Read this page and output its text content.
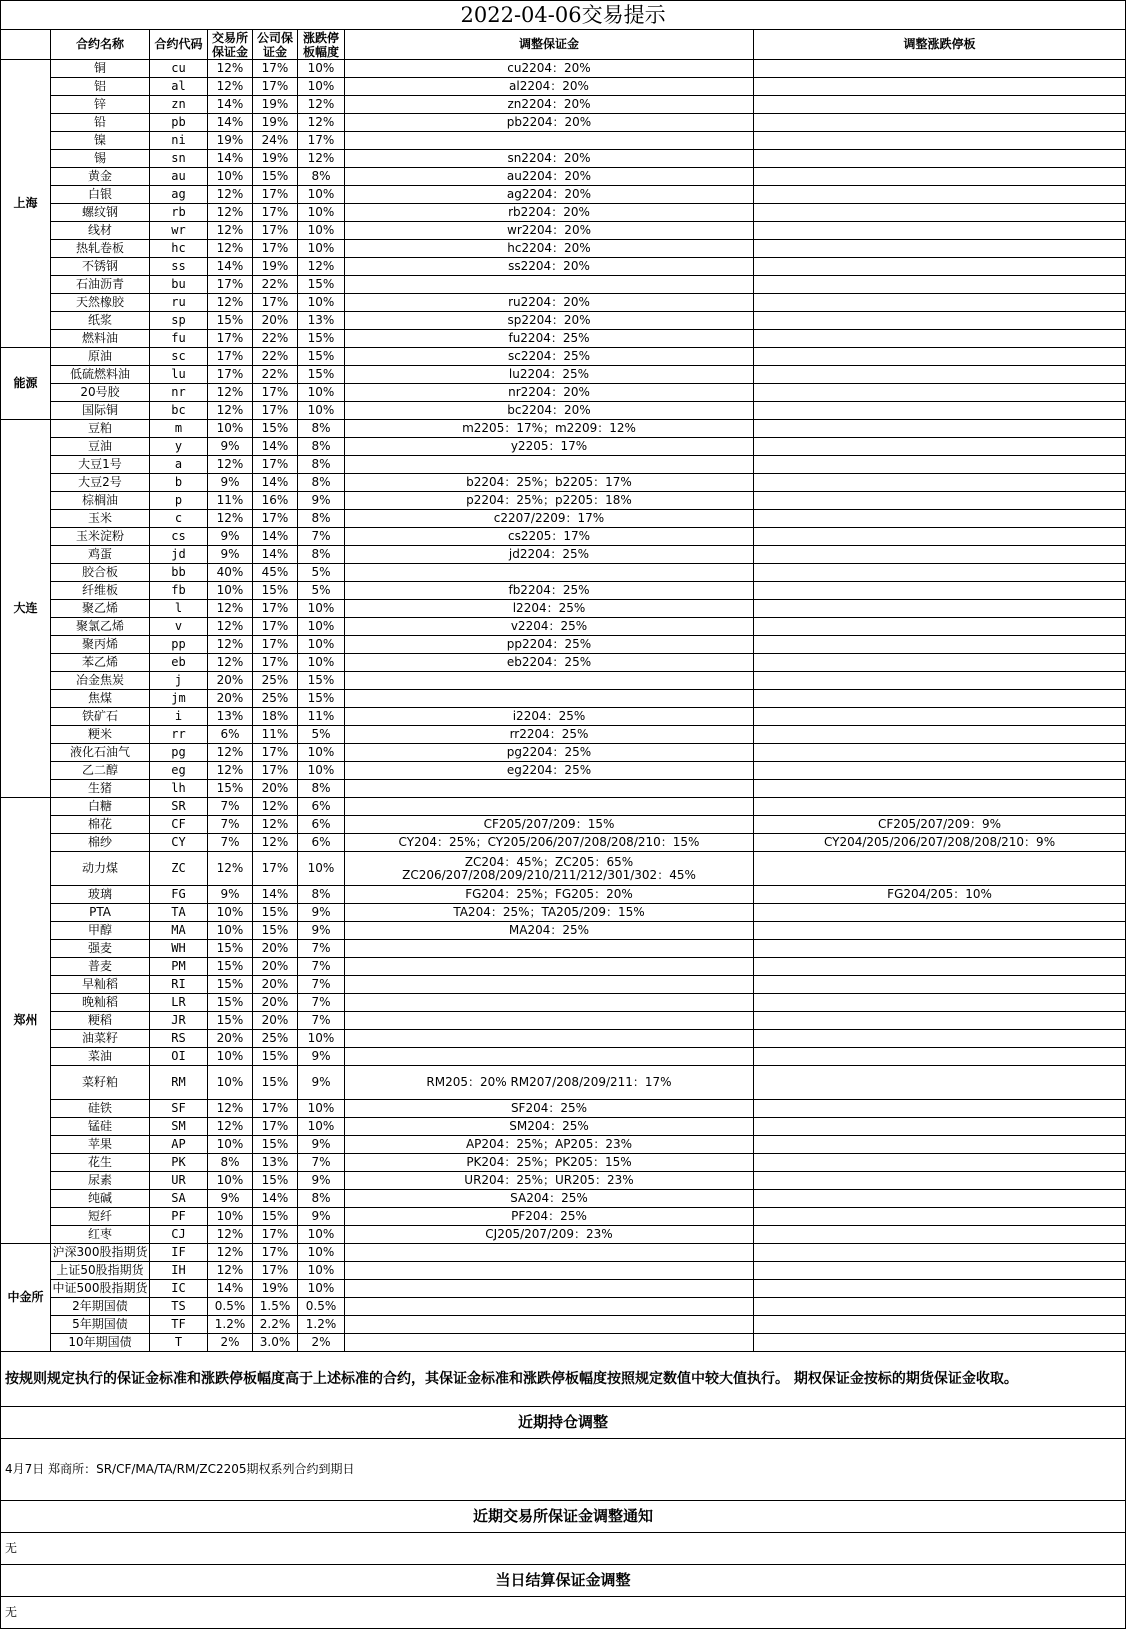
2022-04-06交易提示							
	合约名称	合约代码	交易所保证金	公司保证金	涨跌停板幅度	调整保证金	调整涨跌停板
上海	铜	cu	12%	17%	10%	cu2204：20%	
	铝	al	12%	17%	10%	al2204：20%	
	锌	zn	14%	19%	12%	zn2204：20%	
	铅	pb	14%	19%	12%	pb2204：20%	
	镍	ni	19%	24%	17%		
	锡	sn	14%	19%	12%	sn2204：20%	
	黄金	au	10%	15%	8%	au2204：20%	
	白银	ag	12%	17%	10%	ag2204：20%	
	螺纹钢	rb	12%	17%	10%	rb2204：20%	
	线材	wr	12%	17%	10%	wr2204：20%	
	热轧卷板	hc	12%	17%	10%	hc2204：20%	
	不锈钢	ss	14%	19%	12%	ss2204：20%	
	石油沥青	bu	17%	22%	15%		
	天然橡胶	ru	12%	17%	10%	ru2204：20%	
	纸浆	sp	15%	20%	13%	sp2204：20%	
	燃料油	fu	17%	22%	15%	fu2204：25%	
能源	原油	sc	17%	22%	15%	sc2204：25%	
	低硫燃料油	lu	17%	22%	15%	lu2204：25%	
	20号胶	nr	12%	17%	10%	nr2204：20%	
	国际铜	bc	12%	17%	10%	bc2204：20%	
大连	豆粕	m	10%	15%	8%	m2205：17%；m2209：12%	
	豆油	y	9%	14%	8%	y2205：17%	
	大豆1号	a	12%	17%	8%		
	大豆2号	b	9%	14%	8%	b2204：25%；b2205：17%	
	棕榈油	p	11%	16%	9%	p2204：25%；p2205：18%	
	玉米	c	12%	17%	8%	c2207/2209：17%	
	玉米淀粉	cs	9%	14%	7%	cs2205：17%	
	鸡蛋	jd	9%	14%	8%	jd2204：25%	
	胶合板	bb	40%	45%	5%		
	纤维板	fb	10%	15%	5%	fb2204：25%	
	聚乙烯	l	12%	17%	10%	l2204：25%	
	聚氯乙烯	v	12%	17%	10%	v2204：25%	
	聚丙烯	pp	12%	17%	10%	pp2204：25%	
	苯乙烯	eb	12%	17%	10%	eb2204：25%	
	冶金焦炭	j	20%	25%	15%		
	焦煤	jm	20%	25%	15%		
	铁矿石	i	13%	18%	11%	i2204：25%	
	粳米	rr	6%	11%	5%	rr2204：25%	
	液化石油气	pg	12%	17%	10%	pg2204：25%	
	乙二醇	eg	12%	17%	10%	eg2204：25%	
	生猪	lh	15%	20%	8%		
郑州	白糖	SR	7%	12%	6%		
	棉花	CF	7%	12%	6%	CF205/207/209：15%	CF205/207/209：9%
	棉纱	CY	7%	12%	6%	CY204：25%；CY205/206/207/208/208/210：15%	CY204/205/206/207/208/208/210：9%
	动力煤	ZC	12%	17%	10%	ZC204：45%；ZC205：65% ZC206/207/208/209/210/211/212/301/302：45%	
	玻璃	FG	9%	14%	8%	FG204：25%；FG205：20%	FG204/205：10%
	PTA	TA	10%	15%	9%	TA204：25%；TA205/209：15%	
	甲醇	MA	10%	15%	9%	MA204：25%	
	强麦	WH	15%	20%	7%		
	普麦	PM	15%	20%	7%		
	早籼稻	RI	15%	20%	7%		
	晚籼稻	LR	15%	20%	7%		
	粳稻	JR	15%	20%	7%		
	油菜籽	RS	20%	25%	10%		
	菜油	OI	10%	15%	9%		
	菜籽粕	RM	10%	15%	9%	RM205：20% RM207/208/209/211：17%	
	硅铁	SF	12%	17%	10%	SF204：25%	
	锰硅	SM	12%	17%	10%	SM204：25%	
	苹果	AP	10%	15%	9%	AP204：25%；AP205：23%	
	花生	PK	8%	13%	7%	PK204：25%；PK205：15%	
	尿素	UR	10%	15%	9%	UR204：25%；UR205：23%	
	纯碱	SA	9%	14%	8%	SA204：25%	
	短纤	PF	10%	15%	9%	PF204：25%	
	红枣	CJ	12%	17%	10%	CJ205/207/209：23%	
中金所	沪深300股指期货	IF	12%	17%	10%		
	上证50股指期货	IH	12%	17%	10%		
	中证500股指期货	IC	14%	19%	10%		
	2年期国债	TS	0.5%	1.5%	0.5%		
	5年期国债	TF	1.2%	2.2%	1.2%		
	10年期国债	T	2%	3.0%	2%		
按规则规定执行的保证金标准和涨跌停板幅度高于上述标准的合约，其保证金标准和涨跌停板幅度按照规定数值中较大值执行。 期权保证金按标的期货保证金收取。							
近期持仓调整							
4月7日 郑商所：SR/CF/MA/TA/RM/ZC2205期权系列合约到期日							
近期交易所保证金调整通知							
无							
当日结算保证金调整							
无							
